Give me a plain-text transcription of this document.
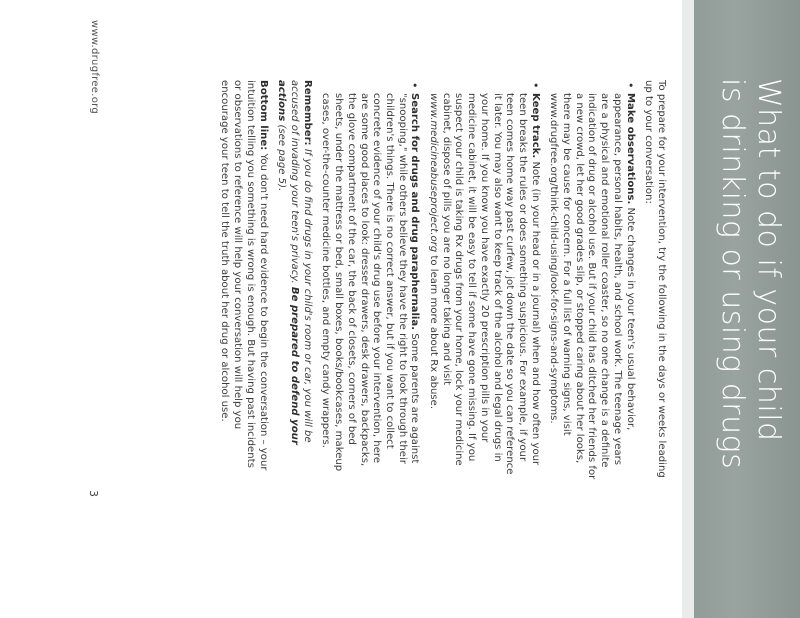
What to do if your child
is drinking or using drugs

To prepare for your intervention, try the following in the days or weeks leading up to your conversation:

•
Make observations. Note changes in your teen's usual behavior, appearance, personal habits, health, and school work. The teenage years are a physical and emotional roller coaster, so no one change is a definite indication of drug or alcohol use. But if your child has ditched her friends for a new crowd, let her good grades slip, or stopped caring about her looks, there may be cause for concern. For a full list of warning signs, visit www.drugfree.org/think-child-using/look-for-signs-and-symptoms.
•
Keep track. Note (in your head or in a journal) when and how often your teen breaks the rules or does something suspicious. For example, if your teen comes home way past curfew, jot down the date so you can reference it later. You may also want to keep track of the alcohol and legal drugs in your home. If you know you have exactly 20 prescription pills in your medicine cabinet, it will be easy to tell if some have gone missing. If you suspect your child is taking Rx drugs from your home, lock your medicine cabinet, dispose of pills you are no longer taking and visit www.medicineabuseproject.org to learn more about Rx abuse.
•
Search for drugs and drug paraphernalia. Some parents are against "snooping," while others believe they have the right to look through their children's things. There is no correct answer, but if you want to collect concrete evidence of your child's drug use before your intervention, here are some good places to look: dresser drawers, desk drawers, backpacks, the glove compartment of the car, the back of closets, corners of bed sheets, under the mattress or bed, small boxes, books/bookcases, makeup cases, over-the-counter medicine bottles, and empty candy wrappers.

Remember: If you do find drugs in your child's room or car, you will be accused of invading your teen's privacy. Be prepared to defend your actions (see page 5).

Bottom line: You don't need hard evidence to begin the conversation – your intuition telling you something is wrong is enough. But having past incidents or observations to reference will help your conversation will help you encourage your teen to tell the truth about her drug or alcohol use.

www.drugfree.org
3
